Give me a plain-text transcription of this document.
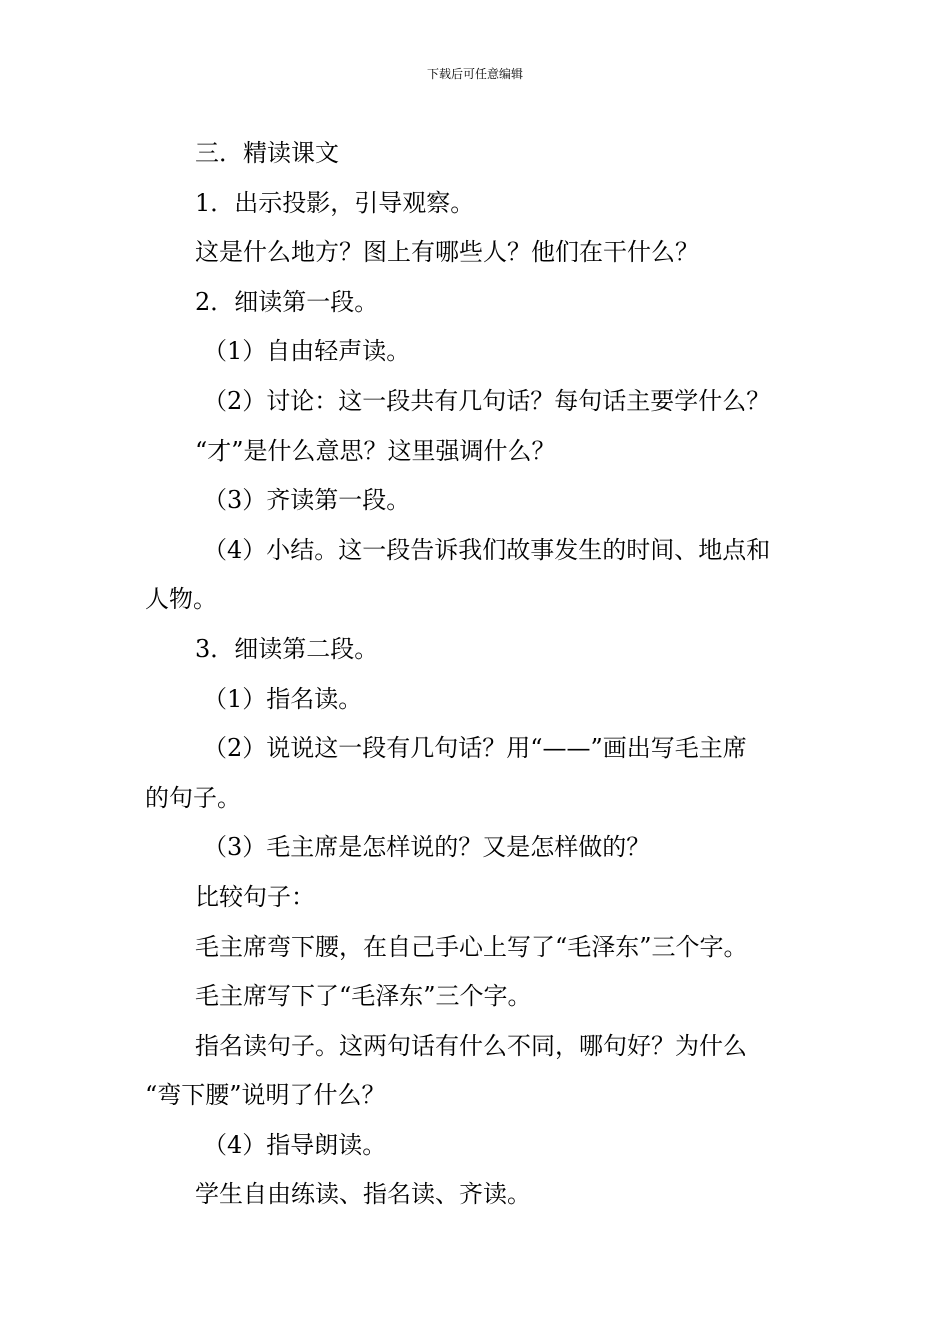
下载后可任意编辑

三．精读课文

1．出示投影，引导观察。

这是什么地方？图上有哪些人？他们在干什么？

2．细读第一段。

（1）自由轻声读。

（2）讨论：这一段共有几句话？每句话主要学什么？

“才”是什么意思？这里强调什么？

（3）齐读第一段。

（4）小结。这一段告诉我们故事发生的时间、地点和

人物。

3．细读第二段。

（1）指名读。

（2）说说这一段有几句话？用“——”画出写毛主席

的句子。

（3）毛主席是怎样说的？又是怎样做的？

比较句子：

毛主席弯下腰，在自己手心上写了“毛泽东”三个字。

毛主席写下了“毛泽东”三个字。

指名读句子。这两句话有什么不同，哪句好？为什么

“弯下腰”说明了什么？

（4）指导朗读。

学生自由练读、指名读、齐读。
